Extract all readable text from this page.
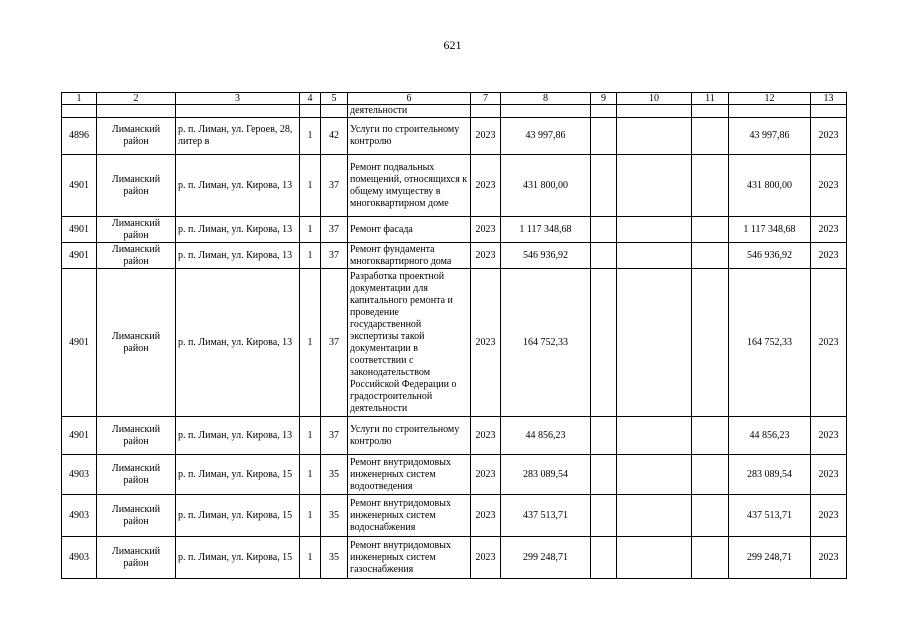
621
1	2	3	4	5	6	7	8	9	10	11	12	13
					деятельности							
4896	Лиманский район	р. п. Лиман, ул. Героев, 28, литер в	1	42	Услуги по строительному контролю	2023	43 997,86				43 997,86	2023
4901	Лиманский район	р. п. Лиман, ул. Кирова, 13	1	37	Ремонт подвальных помещений, относящихся к общему имуществу в многоквартирном доме	2023	431 800,00				431 800,00	2023
4901	Лиманский район	р. п. Лиман, ул. Кирова, 13	1	37	Ремонт фасада	2023	1 117 348,68				1 117 348,68	2023
4901	Лиманский район	р. п. Лиман, ул. Кирова, 13	1	37	Ремонт фундамента многоквартирного дома	2023	546 936,92				546 936,92	2023
4901	Лиманский район	р. п. Лиман, ул. Кирова, 13	1	37	Разработка проектной документации для капитального ремонта и проведение государственной экспертизы такой документации в соответствии с законодательством Российской Федерации о градостроительной деятельности	2023	164 752,33				164 752,33	2023
4901	Лиманский район	р. п. Лиман, ул. Кирова, 13	1	37	Услуги по строительному контролю	2023	44 856,23				44 856,23	2023
4903	Лиманский район	р. п. Лиман, ул. Кирова, 15	1	35	Ремонт внутридомовых инженерных систем водоотведения	2023	283 089,54				283 089,54	2023
4903	Лиманский район	р. п. Лиман, ул. Кирова, 15	1	35	Ремонт внутридомовых инженерных систем водоснабжения	2023	437 513,71				437 513,71	2023
4903	Лиманский район	р. п. Лиман, ул. Кирова, 15	1	35	Ремонт внутридомовых инженерных систем газоснабжения	2023	299 248,71				299 248,71	2023
